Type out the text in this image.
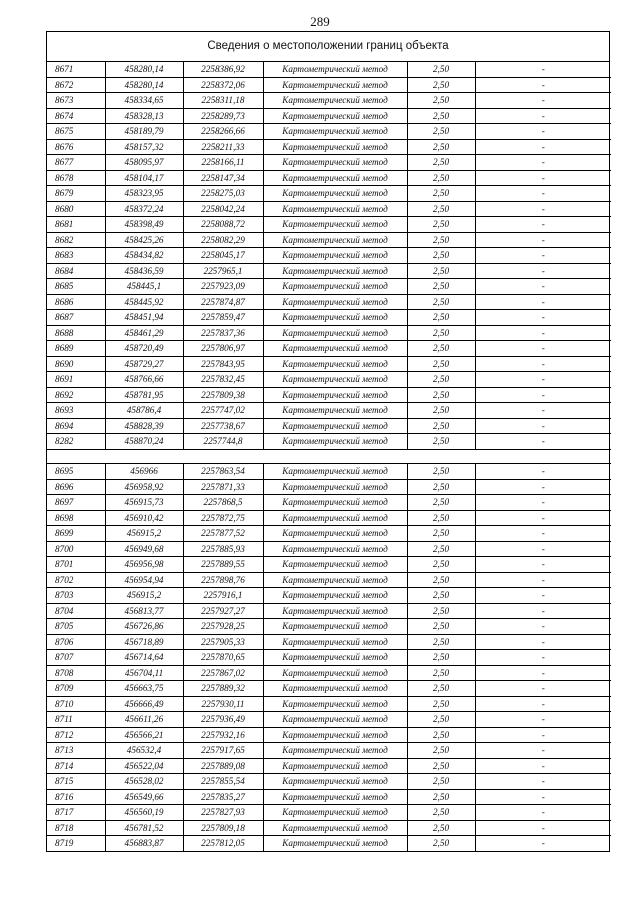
289
Сведения о местоположении границ объекта
8671	458280,14	2258386,92	Картометрический метод	2,50	-
8672	458280,14	2258372,06	Картометрический метод	2,50	-
8673	458334,65	2258311,18	Картометрический метод	2,50	-
8674	458328,13	2258289,73	Картометрический метод	2,50	-
8675	458189,79	2258266,66	Картометрический метод	2,50	-
8676	458157,32	2258211,33	Картометрический метод	2,50	-
8677	458095,97	2258166,11	Картометрический метод	2,50	-
8678	458104,17	2258147,34	Картометрический метод	2,50	-
8679	458323,95	2258275,03	Картометрический метод	2,50	-
8680	458372,24	2258042,24	Картометрический метод	2,50	-
8681	458398,49	2258088,72	Картометрический метод	2,50	-
8682	458425,26	2258082,29	Картометрический метод	2,50	-
8683	458434,82	2258045,17	Картометрический метод	2,50	-
8684	458436,59	2257965,1	Картометрический метод	2,50	-
8685	458445,1	2257923,09	Картометрический метод	2,50	-
8686	458445,92	2257874,87	Картометрический метод	2,50	-
8687	458451,94	2257859,47	Картометрический метод	2,50	-
8688	458461,29	2257837,36	Картометрический метод	2,50	-
8689	458720,49	2257806,97	Картометрический метод	2,50	-
8690	458729,27	2257843,95	Картометрический метод	2,50	-
8691	458766,66	2257832,45	Картометрический метод	2,50	-
8692	458781,95	2257809,38	Картометрический метод	2,50	-
8693	458786,4	2257747,02	Картометрический метод	2,50	-
8694	458828,39	2257738,67	Картометрический метод	2,50	-
8282	458870,24	2257744,8	Картометрический метод	2,50	-

8695	456966	2257863,54	Картометрический метод	2,50	-
8696	456958,92	2257871,33	Картометрический метод	2,50	-
8697	456915,73	2257868,5	Картометрический метод	2,50	-
8698	456910,42	2257872,75	Картометрический метод	2,50	-
8699	456915,2	2257877,52	Картометрический метод	2,50	-
8700	456949,68	2257885,93	Картометрический метод	2,50	-
8701	456956,98	2257889,55	Картометрический метод	2,50	-
8702	456954,94	2257898,76	Картометрический метод	2,50	-
8703	456915,2	2257916,1	Картометрический метод	2,50	-
8704	456813,77	2257927,27	Картометрический метод	2,50	-
8705	456726,86	2257928,25	Картометрический метод	2,50	-
8706	456718,89	2257905,33	Картометрический метод	2,50	-
8707	456714,64	2257870,65	Картометрический метод	2,50	-
8708	456704,11	2257867,02	Картометрический метод	2,50	-
8709	456663,75	2257889,32	Картометрический метод	2,50	-
8710	456666,49	2257930,11	Картометрический метод	2,50	-
8711	456611,26	2257936,49	Картометрический метод	2,50	-
8712	456566,21	2257932,16	Картометрический метод	2,50	-
8713	456532,4	2257917,65	Картометрический метод	2,50	-
8714	456522,04	2257889,08	Картометрический метод	2,50	-
8715	456528,02	2257855,54	Картометрический метод	2,50	-
8716	456549,66	2257835,27	Картометрический метод	2,50	-
8717	456560,19	2257827,93	Картометрический метод	2,50	-
8718	456781,52	2257809,18	Картометрический метод	2,50	-
8719	456883,87	2257812,05	Картометрический метод	2,50	-
